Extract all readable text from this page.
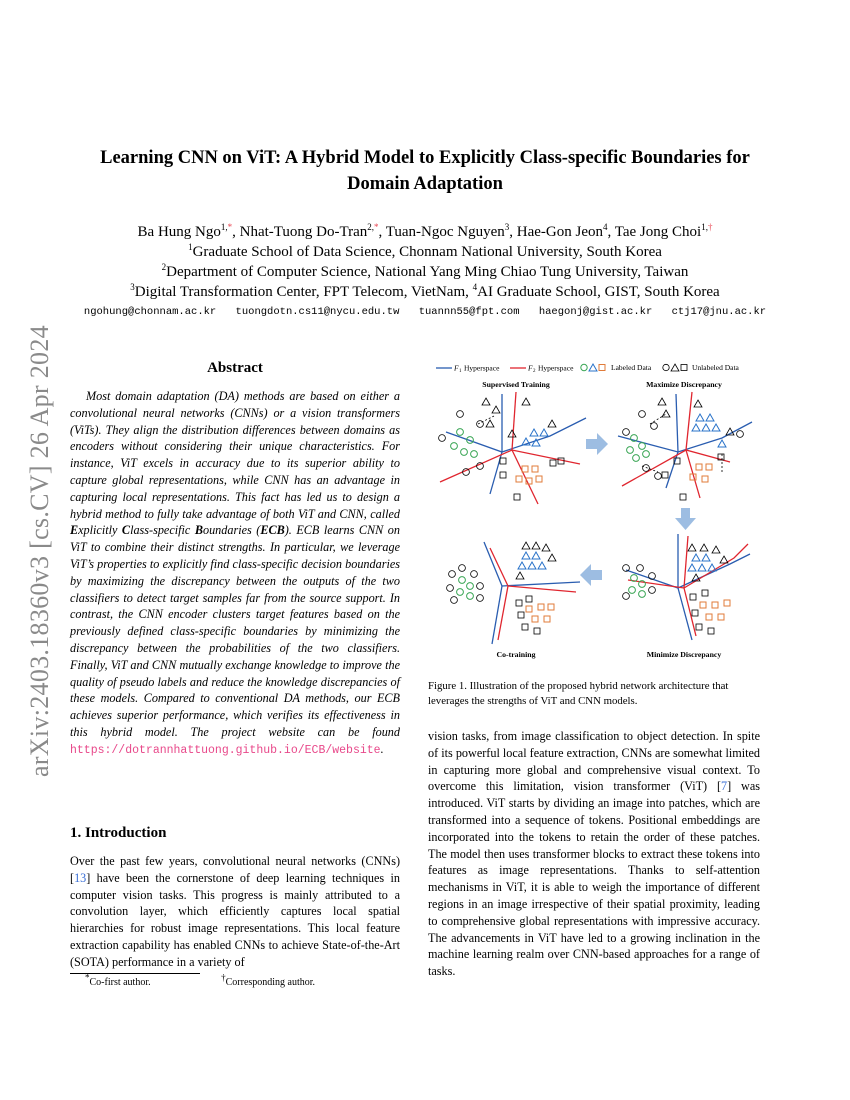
arXiv:2403.18360v3 [cs.CV] 26 Apr 2024
Learning CNN on ViT: A Hybrid Model to Explicitly Class-specific Boundaries for
Domain Adaptation
Ba Hung Ngo$^{1,*}$, Nhat-Tuong Do-Tran$^{2,*}$, Tuan-Ngoc Nguyen$^3$, Hae-Gon Jeon$^4$, Tae Jong Choi$^{1,\dagger}$
$^1$Graduate School of Data Science, Chonnam National University, South Korea
$^2$Department of Computer Science, National Yang Ming Chiao Tung University, Taiwan
$^3$Digital Transformation Center, FPT Telecom, VietNam, $^4$AI Graduate School, GIST, South Korea
ngohung@chonnam.ac.kr tuongdotn.cs11@nycu.edu.tw tuannn55@fpt.com haegonj@gist.ac.kr ctj17@jnu.ac.kr
Abstract

Most domain adaptation (DA) methods are based on either a convolutional neural networks (CNNs) or a vision transformers (ViTs). They align the distribution differences between domains as encoders without considering their unique characteristics. For instance, ViT excels in accuracy due to its superior ability to capture global representations, while CNN has an advantage in capturing local representations. This fact has led us to design a hybrid method to fully take advantage of both ViT and CNN, called Explicitly Class-specific Boundaries (ECB). ECB learns CNN on ViT to combine their distinct strengths. In particular, we leverage ViT’s properties to explicitly find class-specific decision boundaries by maximizing the discrepancy between the outputs of the two classifiers to detect target samples far from the source support. In contrast, the CNN encoder clusters target features based on the previously defined class-specific boundaries by minimizing the discrepancy between the probabilities of the two classifiers. Finally, ViT and CNN mutually exchange knowledge to improve the quality of pseudo labels and reduce the knowledge discrepancies of these models. Compared to conventional DA methods, our ECB achieves superior performance, which verifies its effectiveness in this hybrid model. The project website can be found https://dotrannhattuong.github.io/ECB/website.

1. Introduction

Over the past few years, convolutional neural networks (CNNs) [13] have been the cornerstone of deep learning techniques in computer vision tasks. This progress is mainly attributed to a convolution layer, which efficiently captures local spatial hierarchies for robust image representations. This local feature extraction capability has enabled CNNs to achieve State-of-the-Art (SOTA) performance in a variety of

*Co-first author.	†Corresponding author.
F 1 Hyperspace	F 2 Hyperspace	Labeled Data	Unlabeled Data
Supervised Training	Maximize Discrepancy
Co-training	Minimize Discrepancy
Figure 1. Illustration of the proposed hybrid network architecture that leverages the strengths of ViT and CNN models.

vision tasks, from image classification to object detection. In spite of its powerful local feature extraction, CNNs are somewhat limited in capturing more global and comprehensive visual context. To overcome this limitation, vision transformer (ViT) [7] was introduced. ViT starts by dividing an image into patches, which are transformed into a sequence of tokens. Positional embeddings are incorporated into the tokens to retain the order of these patches. The model then uses transformer blocks to extract these tokens into features as image representations. Thanks to self-attention mechanisms in ViT, it is able to weigh the importance of different regions in an image irrespective of their spatial proximity, leading to comprehensive global representations with impressive accuracy. The advancements in ViT have led to a growing inclination in the machine learning realm over CNN-based approaches for a range of tasks.
